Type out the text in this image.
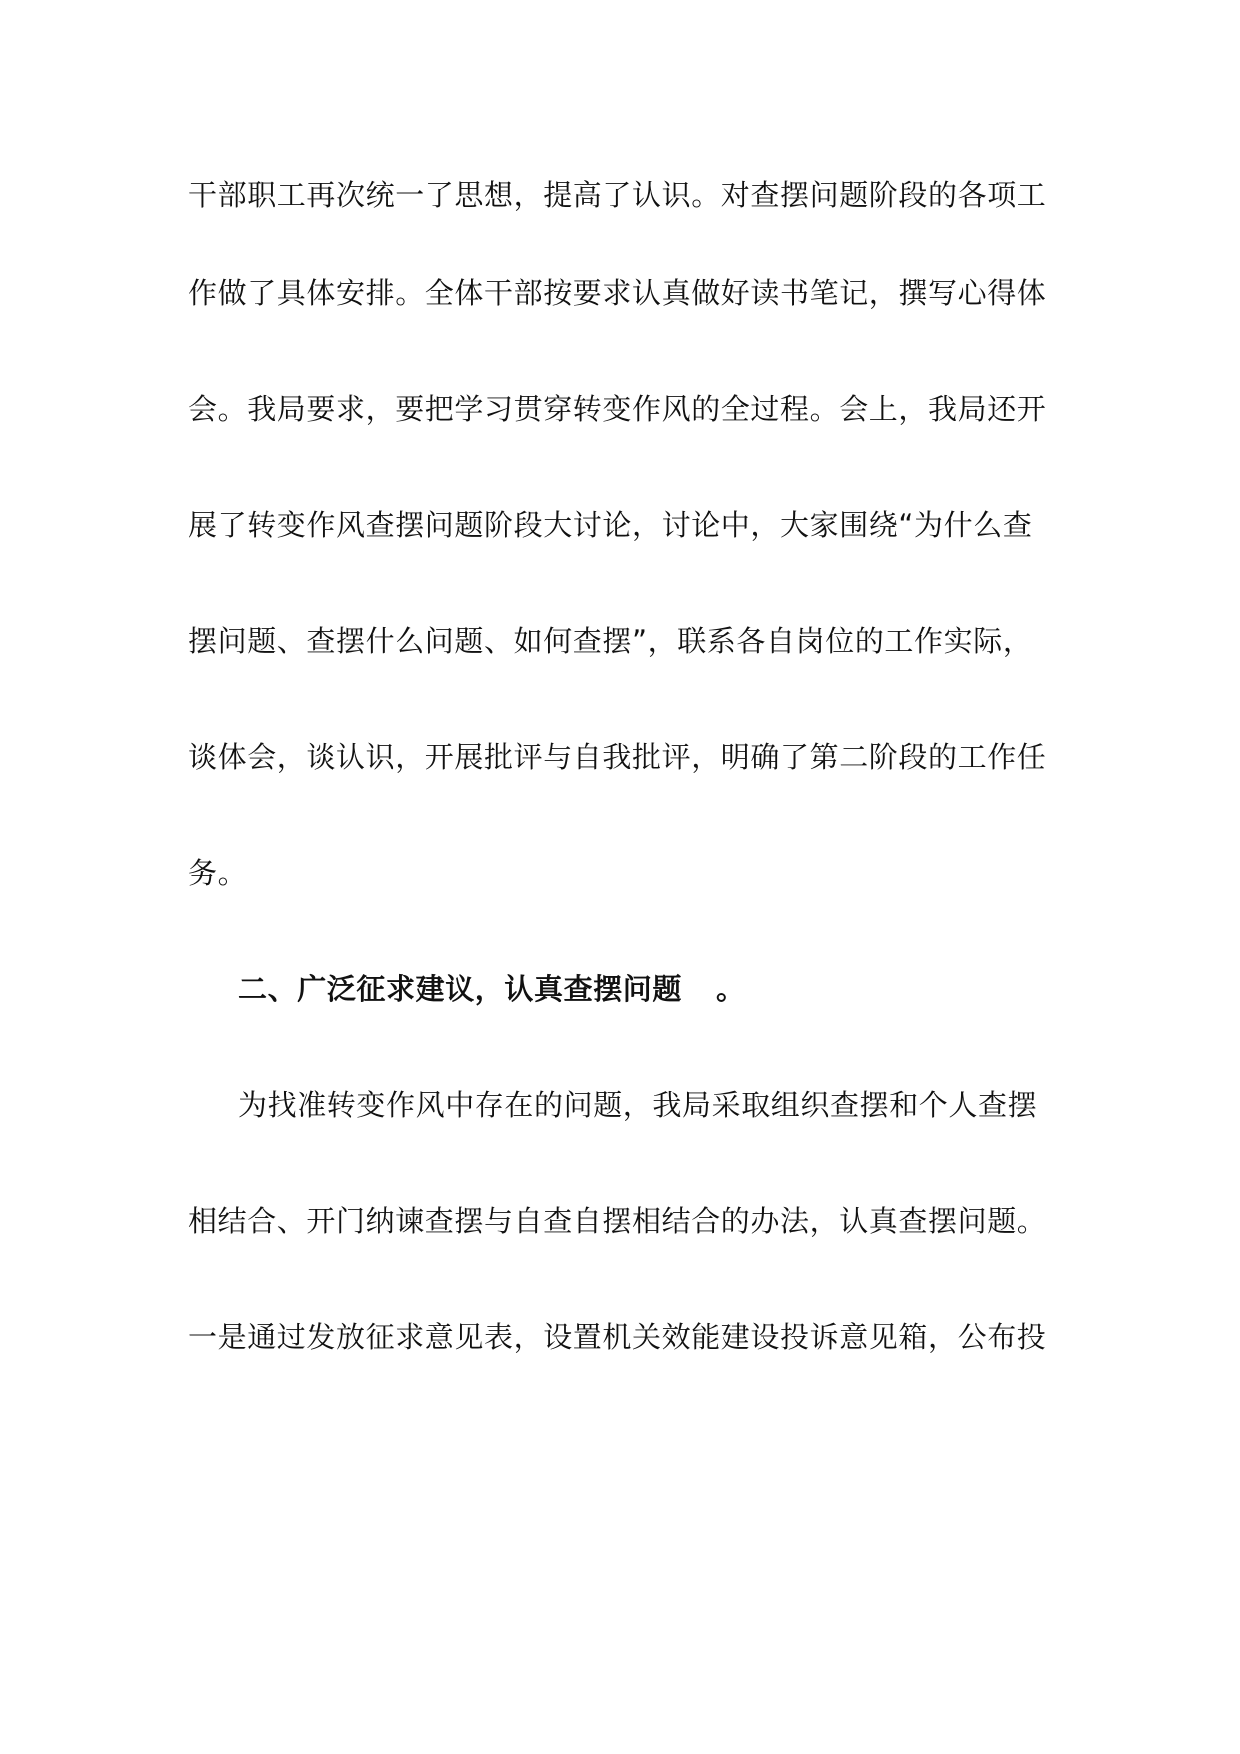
干部职工再次统一了思想，提高了认识。对查摆问题阶段的各项工
作做了具体安排。全体干部按要求认真做好读书笔记，撰写心得体
会。我局要求，要把学习贯穿转变作风的全过程。会上，我局还开
展了转变作风查摆问题阶段大讨论，讨论中，大家围绕“为什么查
摆问题、查摆什么问题、如何查摆”，联系各自岗位的工作实际，
谈体会，谈认识，开展批评与自我批评，明确了第二阶段的工作任
务。
二、广泛征求建议，认真查摆问题 。
为找准转变作风中存在的问题，我局采取组织查摆和个人查摆
相结合、开门纳谏查摆与自查自摆相结合的办法，认真查摆问题。
一是通过发放征求意见表，设置机关效能建设投诉意见箱，公布投
